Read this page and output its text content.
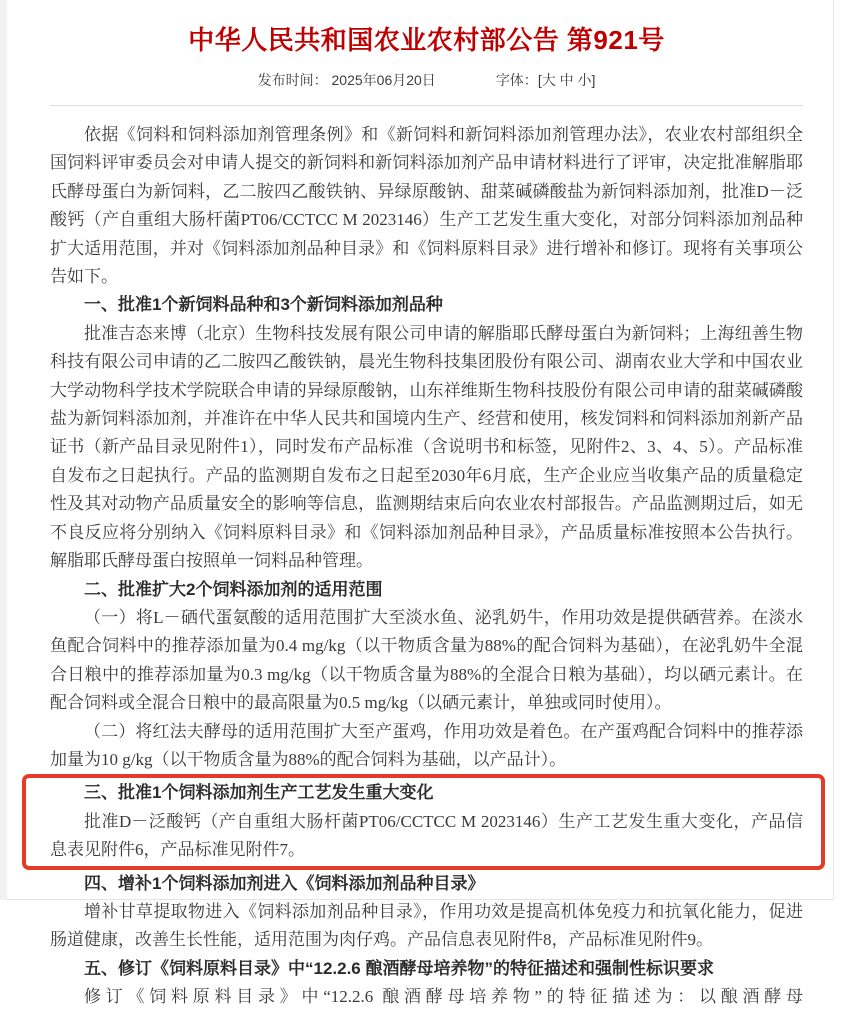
中华人民共和国农业农村部公告 第921号
发布时间： 2025年06月20日	字体：[大 中 小]

依据《饲料和饲料添加剂管理条例》和《新饲料和新饲料添加剂管理办法》，农业农村部组织全国饲料评审委员会对申请人提交的新饲料和新饲料添加剂产品申请材料进行了评审，决定批准解脂耶氏酵母蛋白为新饲料，乙二胺四乙酸铁钠、异绿原酸钠、甜菜碱磷酸盐为新饲料添加剂，批准D－泛酸钙（产自重组大肠杆菌PT06/CCTCC M 2023146）生产工艺发生重大变化，对部分饲料添加剂品种扩大适用范围，并对《饲料添加剂品种目录》和《饲料原料目录》进行增补和修订。现将有关事项公告如下。

一、批准1个新饲料品种和3个新饲料添加剂品种

批准吉态来博（北京）生物科技发展有限公司申请的解脂耶氏酵母蛋白为新饲料；上海纽善生物科技有限公司申请的乙二胺四乙酸铁钠，晨光生物科技集团股份有限公司、湖南农业大学和中国农业大学动物科学技术学院联合申请的异绿原酸钠，山东祥维斯生物科技股份有限公司申请的甜菜碱磷酸盐为新饲料添加剂，并准许在中华人民共和国境内生产、经营和使用，核发饲料和饲料添加剂新产品证书（新产品目录见附件1），同时发布产品标准（含说明书和标签，见附件2、3、4、5）。产品标准自发布之日起执行。产品的监测期自发布之日起至2030年6月底，生产企业应当收集产品的质量稳定性及其对动物产品质量安全的影响等信息，监测期结束后向农业农村部报告。产品监测期过后，如无不良反应将分别纳入《饲料原料目录》和《饲料添加剂品种目录》，产品质量标准按照本公告执行。解脂耶氏酵母蛋白按照单一饲料品种管理。

二、批准扩大2个饲料添加剂的适用范围

（一）将L－硒代蛋氨酸的适用范围扩大至淡水鱼、泌乳奶牛，作用功效是提供硒营养。在淡水鱼配合饲料中的推荐添加量为0.4 mg/kg（以干物质含量为88%的配合饲料为基础），在泌乳奶牛全混合日粮中的推荐添加量为0.3 mg/kg（以干物质含量为88%的全混合日粮为基础），均以硒元素计。在配合饲料或全混合日粮中的最高限量为0.5 mg/kg（以硒元素计，单独或同时使用）。

（二）将红法夫酵母的适用范围扩大至产蛋鸡，作用功效是着色。在产蛋鸡配合饲料中的推荐添加量为10 g/kg（以干物质含量为88%的配合饲料为基础，以产品计）。

三、批准1个饲料添加剂生产工艺发生重大变化

批准D－泛酸钙（产自重组大肠杆菌PT06/CCTCC M 2023146）生产工艺发生重大变化，产品信息表见附件6，产品标准见附件7。

四、增补1个饲料添加剂进入《饲料添加剂品种目录》

增补甘草提取物进入《饲料添加剂品种目录》，作用功效是提高机体免疫力和抗氧化能力，促进肠道健康，改善生长性能，适用范围为肉仔鸡。产品信息表见附件8，产品标准见附件9。

五、修订《饲料原料目录》中“12.2.6 酿酒酵母培养物”的特征描述和强制性标识要求

修订《饲料原料目录》中“12.2.6 酿酒酵母培养物”的特征描述为：以酿酒酵母
